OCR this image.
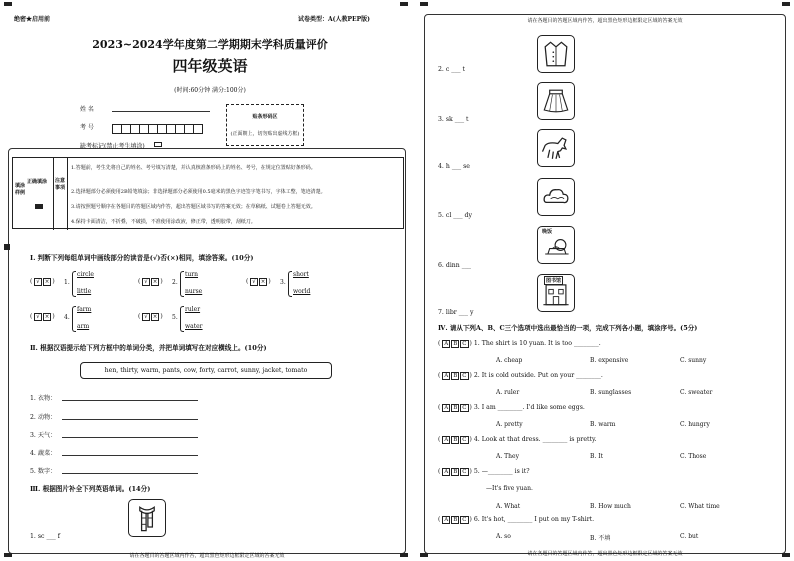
绝密★启用前	试卷类型：A(人教PEP版)
2023~2024学年度第二学期期末学科质量评价
四年级英语
(时间:60分钟 满分:100分)
姓 名
考 号
贴条形码区
(正面朝上，切勿贴出虚线方框)
缺考标记(禁止考生填涂)
填涂样例
正确填涂 注意事项
1.答题前，考生先将自己的姓名、考号填写清楚，并认真核准条形码上的姓名、考号，在规定位置贴好条形码。
2.选择题部分必须使用2B铅笔填涂；非选择题部分必须使用0.5毫米的黑色字迹签字笔书写，字体工整，笔迹清楚。
3.请按照题号顺序在各题目的答题区域内作答，超出答题区域书写的答案无效；在草稿纸、试题卷上答题无效。
4.保持卡面清洁，不折叠，不破损，不准使用涂改液，修正带，透明胶带，刮纸刀。
Ⅰ. 判断下列每组单词中画线部分的读音是(√)否(×)相同，填涂答案。(10分)
( √ × ) 1.
circle
little
( √ × ) 2.
turn
nurse
( √ × ) 3.
short
world
( √ × ) 4.
farm
arm
( √ × ) 5.
ruler
water
Ⅱ. 根据汉语提示给下列方框中的单词分类，并把单词填写在对应横线上。(10分)
hen, thirty, warm, pants, cow, forty, carrot, sunny, jacket, tomato
1. 衣物：
2. 动物：
3. 天气：
4. 蔬菜：
5. 数字：
Ⅲ. 根据图片补全下列英语单词。(14分)
1. sc ___ f
请在各题目的答题区域内作答，超出黑色矩形边框限定区域的答案无效
请在各题目的答题区域内作答，超出黑色矩形边框限定区域的答案无效
2. c ___ t
3. sk ___ t
4. h ___ se
5. cl ___ dy
晚饭
6. dinn ___
图书馆
7. libr ___ y
Ⅳ. 请从下列A、B、C三个选项中选出最恰当的一项，完成下列各小题，填涂序号。(5分)
( A B C ) 1. The shirt is 10 yuan. It is too ________.
A. cheap	B. expensive	C. sunny
( A B C ) 2. It is cold outside. Put on your ________.
A. ruler	B. sunglasses	C. sweater
( A B C ) 3. I am ________. I'd like some eggs.
A. pretty	B. warm	C. hungry
( A B C ) 4. Look at that dress. ________ is pretty.
A. They	B. It	C. Those
( A B C ) 5. —________ is it?
—It's five yuan.
A. What	B. How much	C. What time
( A B C ) 6. It's hot, ________ I put on my T-shirt.
A. so	B. 不填	C. but
请在各题目的答题区域内作答，超出黑色矩形边框限定区域的答案无效
